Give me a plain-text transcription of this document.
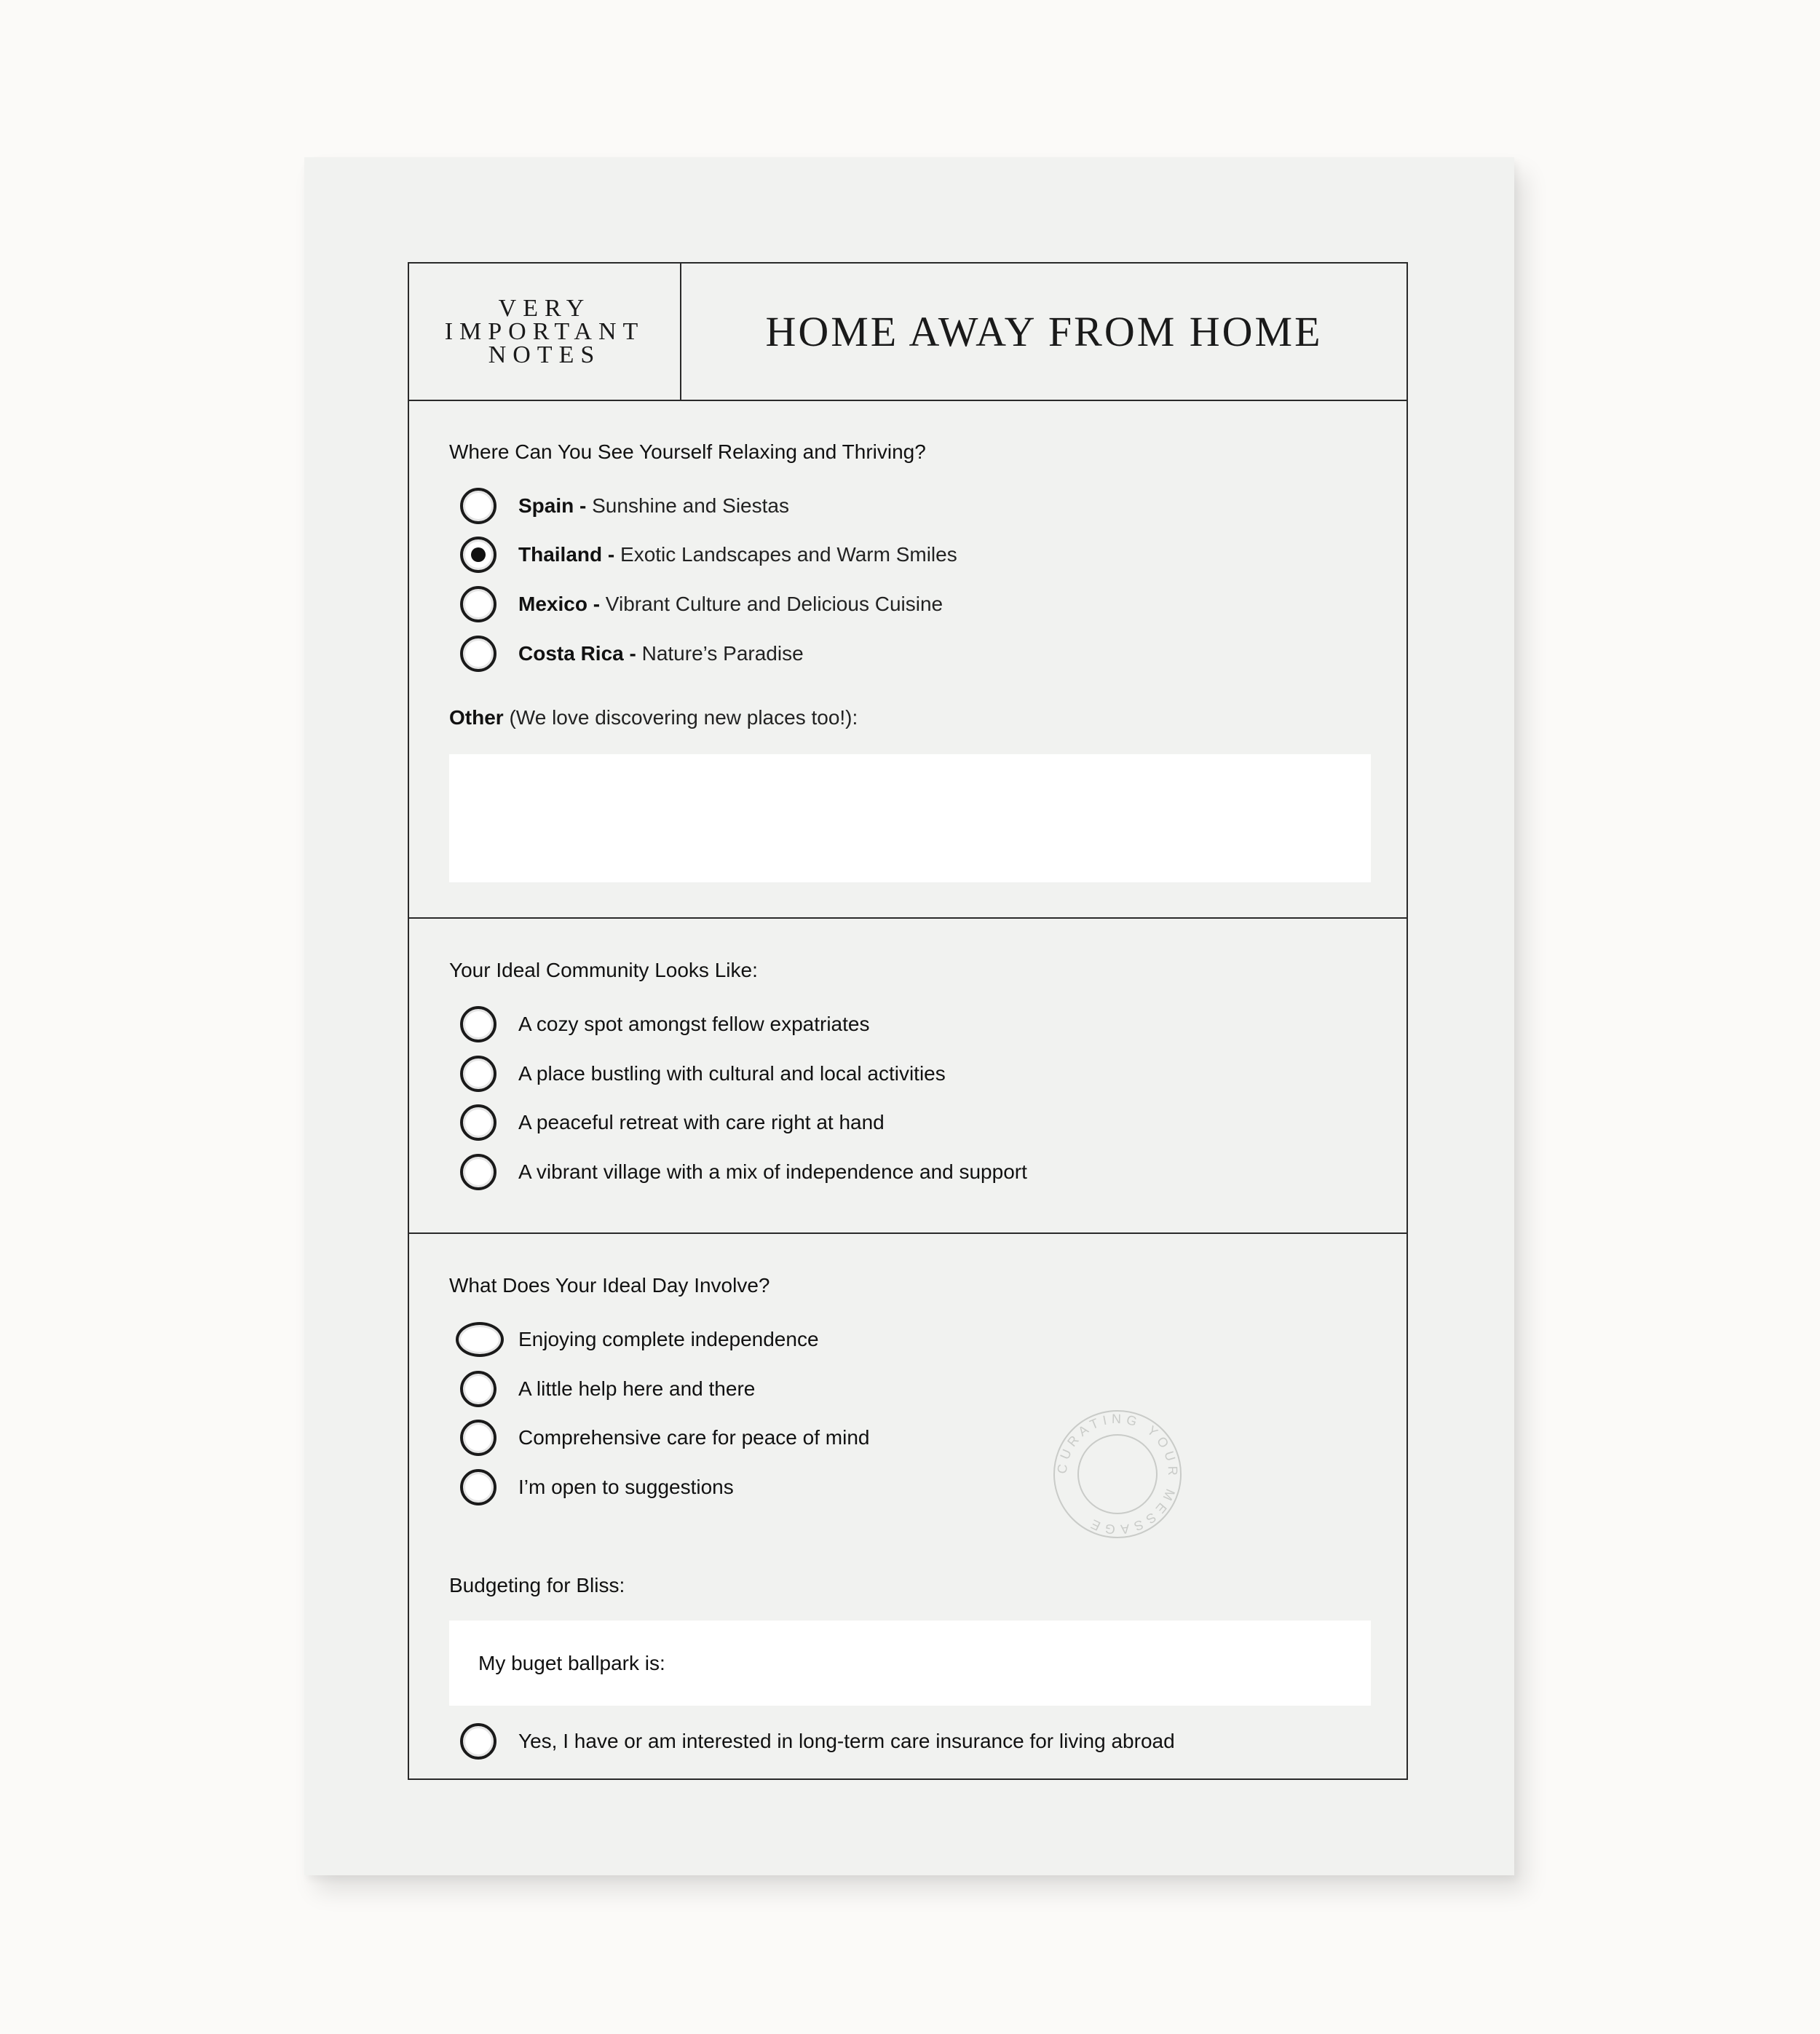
VERY
IMPORTANT
NOTES	HOME AWAY FROM HOME
Where Can You See Yourself Relaxing and Thriving?
Spain - Sunshine and Siestas
Thailand - Exotic Landscapes and Warm Smiles
Mexico - Vibrant Culture and Delicious Cuisine
Costa Rica - Nature’s Paradise
Other (We love discovering new places too!):
Your Ideal Community Looks Like:
A cozy spot amongst fellow expatriates
A place bustling with cultural and local activities
A peaceful retreat with care right at hand
A vibrant village with a mix of independence and support
What Does Your Ideal Day Involve?
Enjoying complete independence
A little help here and there
Comprehensive care for peace of mind
I’m open to suggestions
Budgeting for Bliss:
My buget ballpark is:
Yes, I have or am interested in long-term care insurance for living abroad
CURATING YOUR MESSAGE
